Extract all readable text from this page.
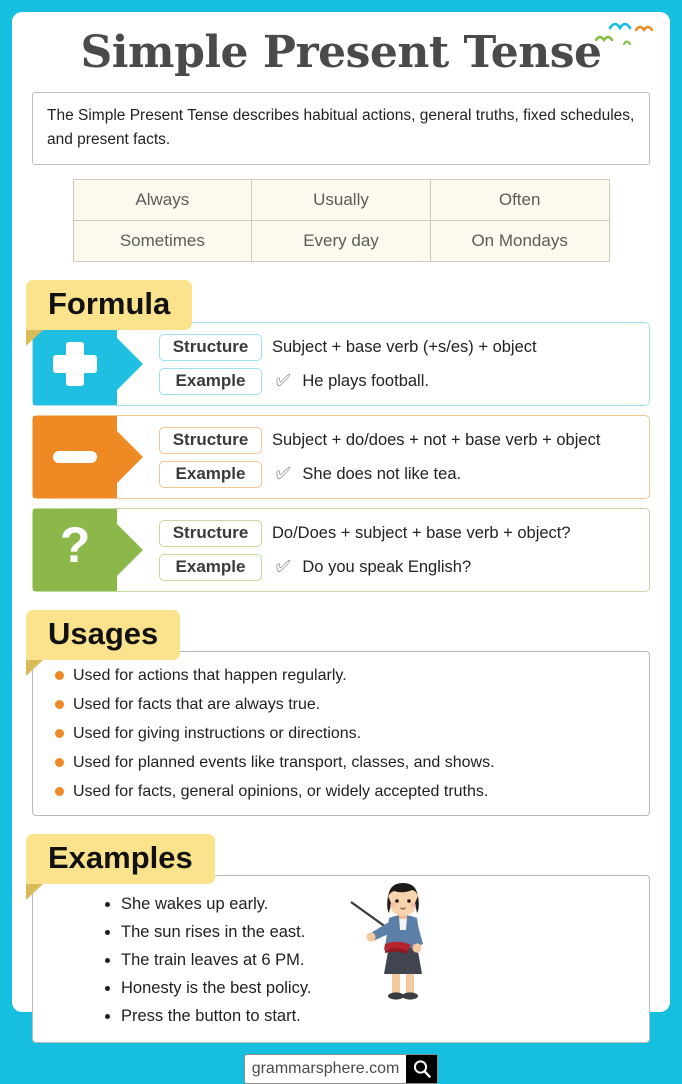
Simple Present Tense
The Simple Present Tense describes habitual actions, general truths, fixed schedules, and present facts.
Always	Usually	Often
Sometimes	Every day	On Mondays
Formula
Structure	Subject + base verb (+s/es) + object
Example	✅︎ He plays football.
Structure	Subject + do/does + not + base verb + object
Example	✅︎ She does not like tea.
?	Structure	Do/Does + subject + base verb + object?
Example	✅︎ Do you speak English?
Usages
Used for actions that happen regularly.
Used for facts that are always true.
Used for giving instructions or directions.
Used for planned events like transport, classes, and shows.
Used for facts, general opinions, or widely accepted truths.
Examples
She wakes up early.
The sun rises in the east.
The train leaves at 6 PM.
Honesty is the best policy.
Press the button to start.
grammarsphere.com
